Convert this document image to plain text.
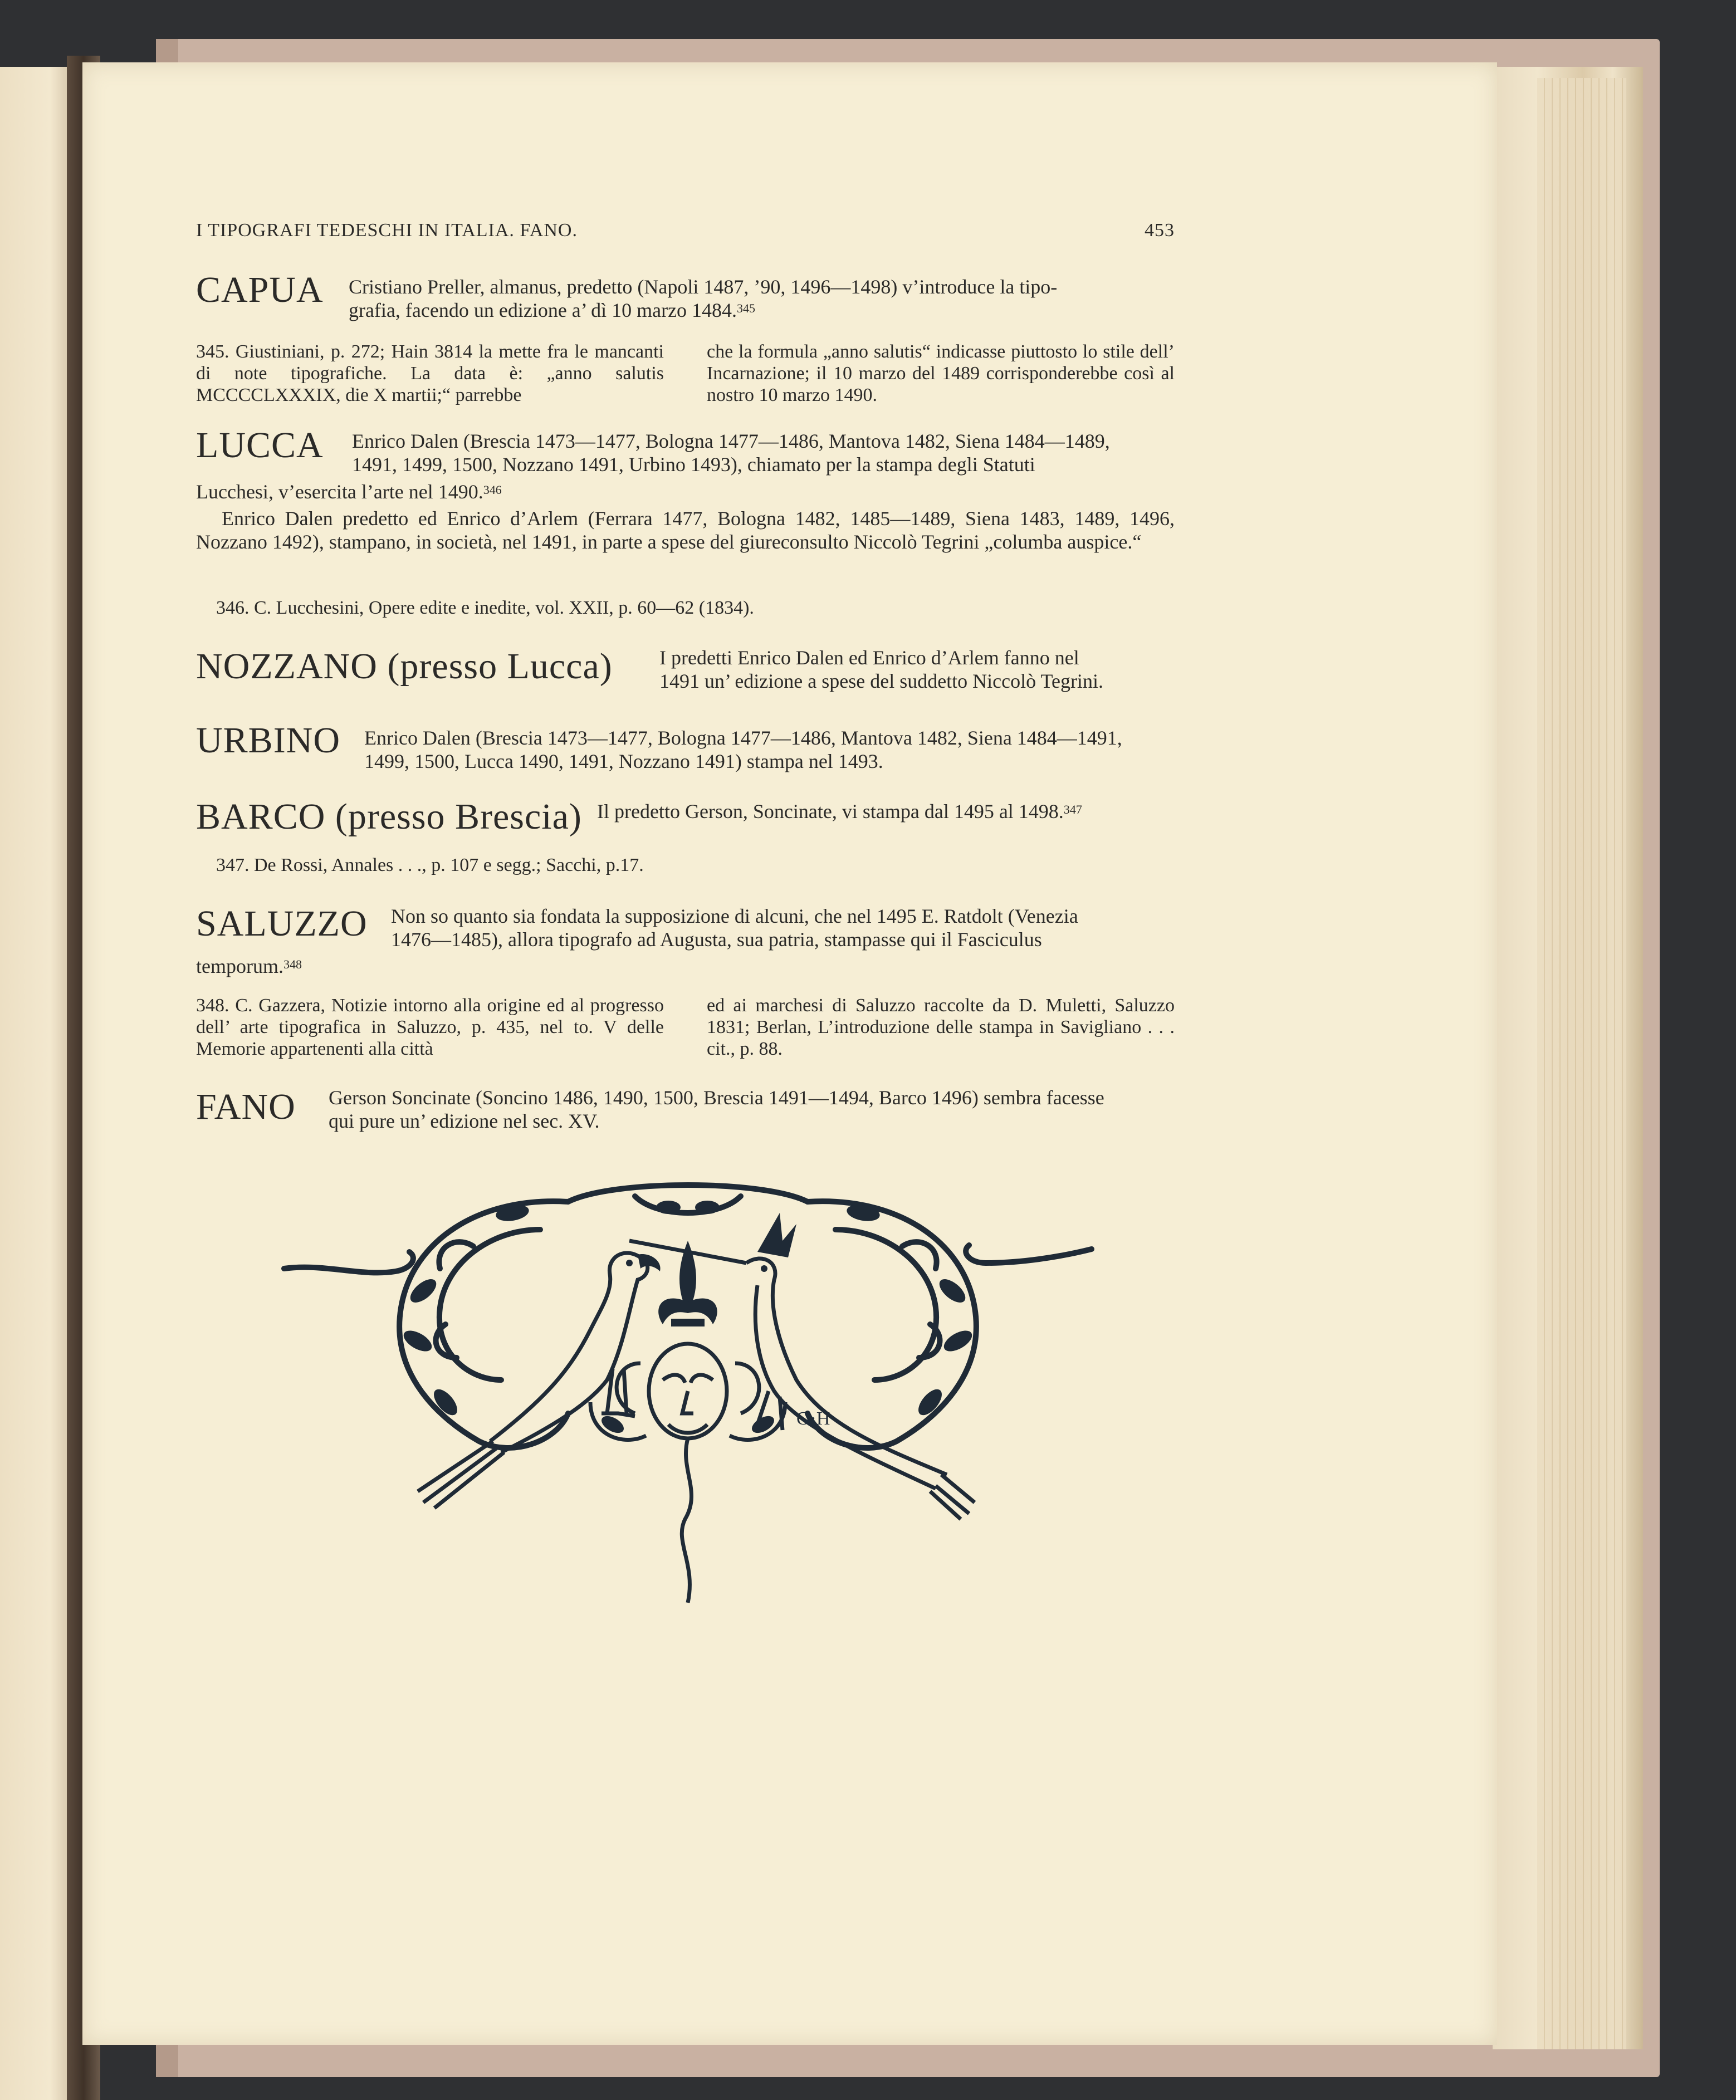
I TIPOGRAFI TEDESCHI IN ITALIA. FANO.	453
CAPUA Cristiano Preller, almanus, predetto (Napoli 1487, ’90, 1496—1498) v’introduce la tipo-
grafia, facendo un edizione a’ dì 10 marzo 1484.$^{345}$
345. Giustiniani, p. 272; Hain 3814 la mette fra le mancanti di note tipografiche. La data è: „anno salutis MCCCCLXXXIX, die X martii;“ parrebbe
che la formula „anno salutis“ indicasse piuttosto lo stile dell’ Incarnazione; il 10 marzo del 1489 corrisponderebbe così al nostro 10 marzo 1490.
LUCCA Enrico Dalen (Brescia 1473—1477, Bologna 1477—1486, Mantova 1482, Siena 1484—1489,
1491, 1499, 1500, Nozzano 1491, Urbino 1493), chiamato per la stampa degli Statuti
Lucchesi, v’esercita l’arte nel 1490.$^{346}$
Enrico Dalen predetto ed Enrico d’Arlem (Ferrara 1477, Bologna 1482, 1485—1489, Siena 1483, 1489, 1496, Nozzano 1492), stampano, in società, nel 1491, in parte a spese del giureconsulto Niccolò Tegrini „columba auspice.“
346. C. Lucchesini, Opere edite e inedite, vol. XXII, p. 60—62 (1834).
NOZZANO (presso Lucca) I predetti Enrico Dalen ed Enrico d’Arlem fanno nel
1491 un’ edizione a spese del suddetto Niccolò Tegrini.
URBINO Enrico Dalen (Brescia 1473—1477, Bologna 1477—1486, Mantova 1482, Siena 1484—1491,
1499, 1500, Lucca 1490, 1491, Nozzano 1491) stampa nel 1493.
BARCO (presso Brescia) Il predetto Gerson, Soncinate, vi stampa dal 1495 al 1498.$^{347}$
347. De Rossi, Annales . . ., p. 107 e segg.; Sacchi, p.17.
SALUZZO Non so quanto sia fondata la supposizione di alcuni, che nel 1495 E. Ratdolt (Venezia
1476—1485), allora tipografo ad Augusta, sua patria, stampasse qui il Fasciculus
temporum.$^{348}$
348. C. Gazzera, Notizie intorno alla origine ed al progresso dell’ arte tipografica in Saluzzo, p. 435, nel to. V delle Memorie appartenenti alla città
ed ai marchesi di Saluzzo raccolte da D. Muletti, Saluzzo 1831; Berlan, L’introduzione delle stampa in Savigliano . . . cit., p. 88.
FANO Gerson Soncinate (Soncino 1486, 1490, 1500, Brescia 1491—1494, Barco 1496) sembra facesse
qui pure un’ edizione nel sec. XV.
O·H
